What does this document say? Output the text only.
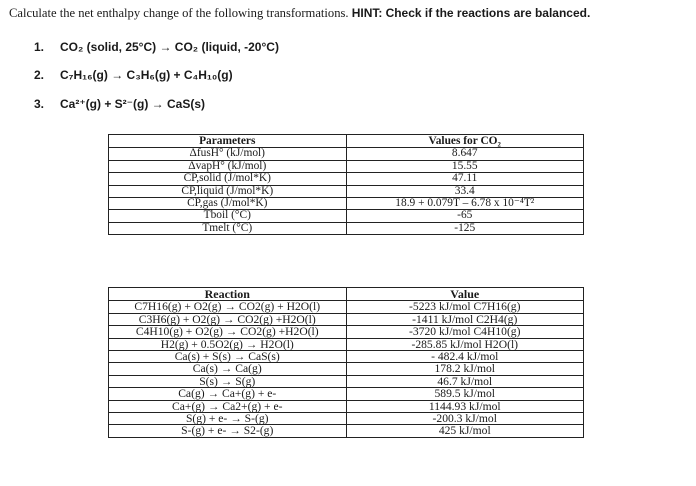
Calculate the net enthalpy change of the following transformations. HINT: Check if the reactions are balanced.
1. CO₂ (solid, 25°C) → CO₂ (liquid, -20°C)
2. C₇H₁₆(g) → C₃H₆(g) + C₄H₁₀(g)
3. Ca²⁺(g) + S²⁻(g) → CaS(s)
Parameters	Values for CO₂
ΔfusH° (kJ/mol)	8.647
ΔvapH° (kJ/mol)	15.55
CP,solid (J/mol*K)	47.11
CP,liquid (J/mol*K)	33.4
CP,gas (J/mol*K)	18.9 + 0.079T – 6.78 x 10⁻⁴T²
Tboil (°C)	-65
Tmelt (°C)	-125
Reaction	Value
C7H16(g) + O2(g) → CO2(g) + H2O(l)	-5223 kJ/mol C7H16(g)
C3H6(g) + O2(g) → CO2(g) +H2O(l)	-1411 kJ/mol C2H4(g)
C4H10(g) + O2(g) → CO2(g) +H2O(l)	-3720 kJ/mol C4H10(g)
H2(g) + 0.5O2(g) → H2O(l)	-285.85 kJ/mol H2O(l)
Ca(s) + S(s) → CaS(s)	- 482.4 kJ/mol
Ca(s) → Ca(g)	178.2 kJ/mol
S(s) → S(g)	46.7 kJ/mol
Ca(g) → Ca+(g) + e-	589.5 kJ/mol
Ca+(g) → Ca2+(g) + e-	1144.93 kJ/mol
S(g) + e- → S-(g)	-200.3 kJ/mol
S-(g) + e- → S2-(g)	425 kJ/mol
